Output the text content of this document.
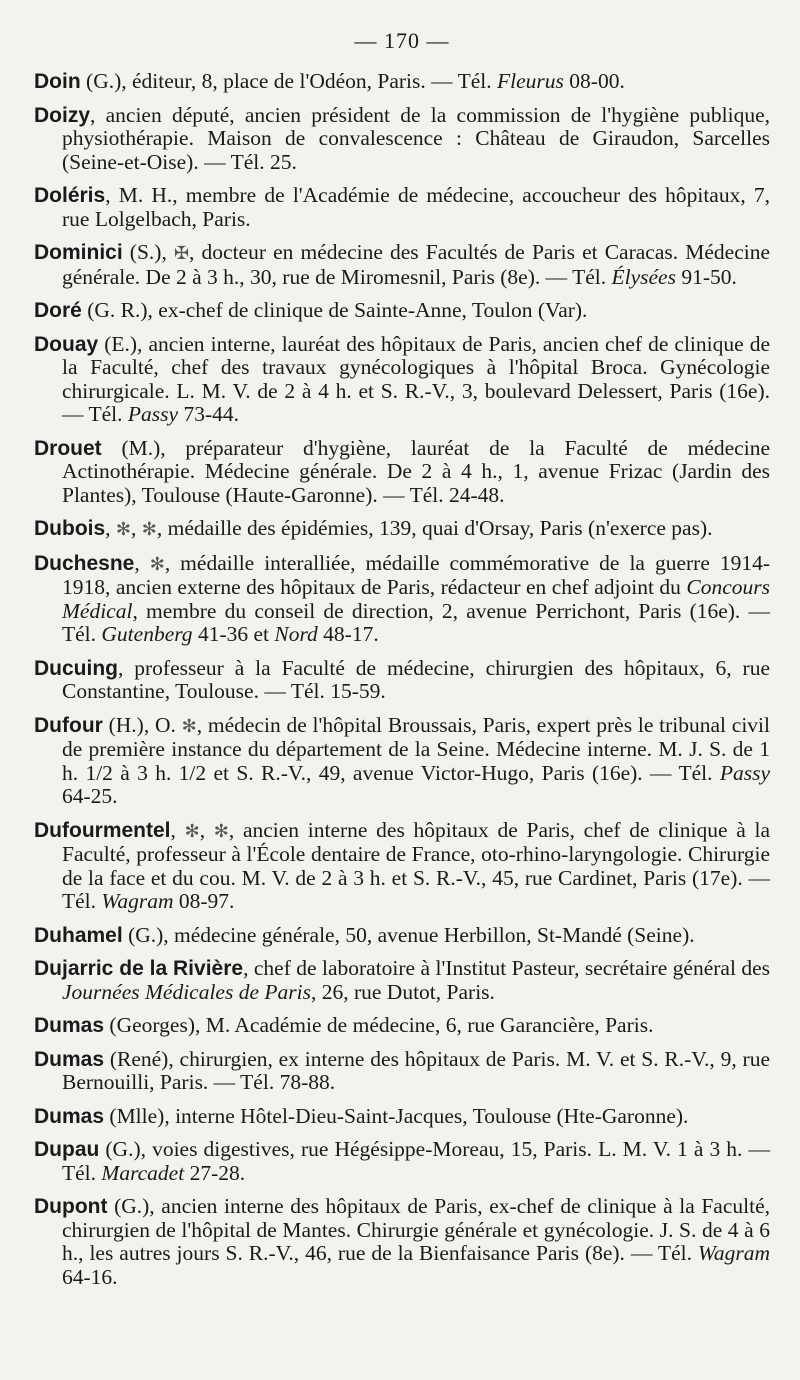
— 170 —
Doin (G.), éditeur, 8, place de l'Odéon, Paris. — Tél. Fleurus 08-00.
Doizy, ancien député, ancien président de la commission de l'hygiène publique, physiothérapie. Maison de convalescence : Château de Giraudon, Sarcelles (Seine-et-Oise). — Tél. 25.
Doléris, M. H., membre de l'Académie de médecine, accoucheur des hôpitaux, 7, rue Lolgelbach, Paris.
Dominici (S.), ✠, docteur en médecine des Facultés de Paris et Caracas. Médecine générale. De 2 à 3 h., 30, rue de Miromesnil, Paris (8e). — Tél. Élysées 91-50.
Doré (G. R.), ex-chef de clinique de Sainte-Anne, Toulon (Var).
Douay (E.), ancien interne, lauréat des hôpitaux de Paris, ancien chef de clinique de la Faculté, chef des travaux gynécologiques à l'hôpital Broca. Gynécologie chirurgicale. L. M. V. de 2 à 4 h. et S. R.-V., 3, boulevard Delessert, Paris (16e). — Tél. Passy 73-44.
Drouet (M.), préparateur d'hygiène, lauréat de la Faculté de médecine Actinothérapie. Médecine générale. De 2 à 4 h., 1, avenue Frizac (Jardin des Plantes), Toulouse (Haute-Garonne). — Tél. 24-48.
Dubois, ✻, ✻, médaille des épidémies, 139, quai d'Orsay, Paris (n'exerce pas).
Duchesne, ✻, médaille interalliée, médaille commémorative de la guerre 1914-1918, ancien externe des hôpitaux de Paris, rédacteur en chef adjoint du Concours Médical, membre du conseil de direction, 2, avenue Perrichont, Paris (16e). — Tél. Gutenberg 41-36 et Nord 48-17.
Ducuing, professeur à la Faculté de médecine, chirurgien des hôpitaux, 6, rue Constantine, Toulouse. — Tél. 15-59.
Dufour (H.), O. ✻, médecin de l'hôpital Broussais, Paris, expert près le tribunal civil de première instance du département de la Seine. Médecine interne. M. J. S. de 1 h. 1/2 à 3 h. 1/2 et S. R.-V., 49, avenue Victor-Hugo, Paris (16e). — Tél. Passy 64-25.
Dufourmentel, ✻, ✻, ancien interne des hôpitaux de Paris, chef de clinique à la Faculté, professeur à l'École dentaire de France, oto-rhino-laryngologie. Chirurgie de la face et du cou. M. V. de 2 à 3 h. et S. R.-V., 45, rue Cardinet, Paris (17e). — Tél. Wagram 08-97.
Duhamel (G.), médecine générale, 50, avenue Herbillon, St-Mandé (Seine).
Dujarric de la Rivière, chef de laboratoire à l'Institut Pasteur, secrétaire général des Journées Médicales de Paris, 26, rue Dutot, Paris.
Dumas (Georges), M. Académie de médecine, 6, rue Garancière, Paris.
Dumas (René), chirurgien, ex interne des hôpitaux de Paris. M. V. et S. R.-V., 9, rue Bernouilli, Paris. — Tél. 78-88.
Dumas (Mlle), interne Hôtel-Dieu-Saint-Jacques, Toulouse (Hte-Garonne).
Dupau (G.), voies digestives, rue Hégésippe-Moreau, 15, Paris. L. M. V. 1 à 3 h. — Tél. Marcadet 27-28.
Dupont (G.), ancien interne des hôpitaux de Paris, ex-chef de clinique à la Faculté, chirurgien de l'hôpital de Mantes. Chirurgie générale et gynécologie. J. S. de 4 à 6 h., les autres jours S. R.-V., 46, rue de la Bienfaisance Paris (8e). — Tél. Wagram 64-16.
